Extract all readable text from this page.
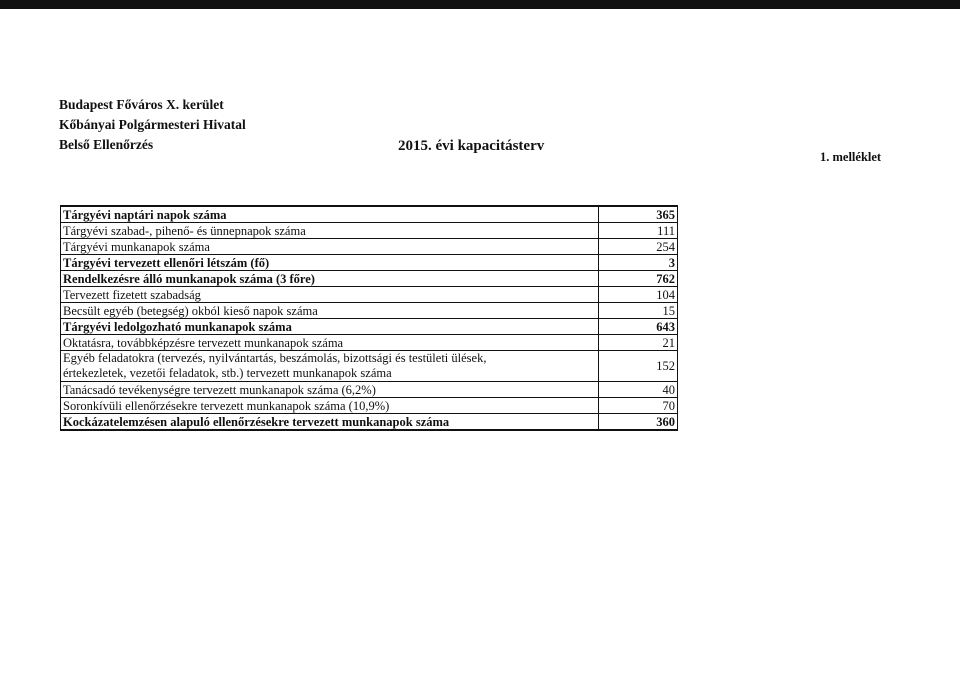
Budapest Főváros X. kerület
Kőbányai Polgármesteri Hivatal
Belső Ellenőrzés	2015. évi kapacitásterv
1. melléklet
Tárgyévi naptári napok száma	365
Tárgyévi szabad-, pihenő- és ünnepnapok száma	111
Tárgyévi munkanapok száma	254
Tárgyévi tervezett ellenőri létszám (fő)	3
Rendelkezésre álló munkanapok száma (3 főre)	762
Tervezett fizetett szabadság	104
Becsült egyéb (betegség) okból kieső napok száma	15
Tárgyévi ledolgozható munkanapok száma	643
Oktatásra, továbbképzésre tervezett munkanapok száma	21

Egyéb feladatokra (tervezés, nyilvántartás, beszámolás, bizottsági és testületi ülések,
értekezletek, vezetői feladatok, stb.) tervezett munkanapok száma	152
Tanácsadó tevékenységre tervezett munkanapok száma (6,2%)	40
Soronkívüli ellenőrzésekre tervezett munkanapok száma (10,9%)	70
Kockázatelemzésen alapuló ellenőrzésekre tervezett munkanapok száma	360
